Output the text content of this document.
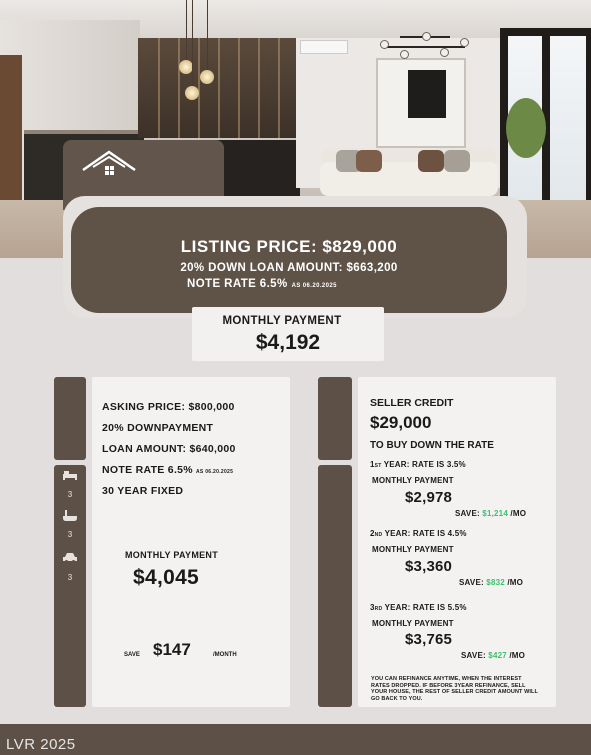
LISTING PRICE: $829,000
20% DOWN LOAN AMOUNT: $663,200
NOTE RATE 6.5% AS 06.20.2025
MONTHLY PAYMENT
$4,192
3
3
3
ASKING PRICE: $800,000
20% DOWNPAYMENT
LOAN AMOUNT: $640,000
NOTE RATE 6.5% AS 06.20.2025
30 YEAR FIXED
MONTHLY PAYMENT
$4,045
SAVE $147	/MONTH
SELLER CREDIT
$29,000
TO BUY DOWN THE RATE
1ST YEAR: RATE IS 3.5%
MONTHLY PAYMENT
$2,978
SAVE: $1,214 /MO
2ND YEAR: RATE IS 4.5%
MONTHLY PAYMENT
$3,360
SAVE: $832 /MO
3RD YEAR: RATE IS 5.5%
MONTHLY PAYMENT
$3,765
SAVE: $427 /MO
YOU CAN REFINANCE ANYTIME, WHEN THE INTEREST RATES DROPPED. IF BEFORE 3YEAR REFINANCE, SELL YOUR HOUSE, THE REST OF SELLER CREDIT AMOUNT WILL GO BACK TO YOU.
LVR 2025
